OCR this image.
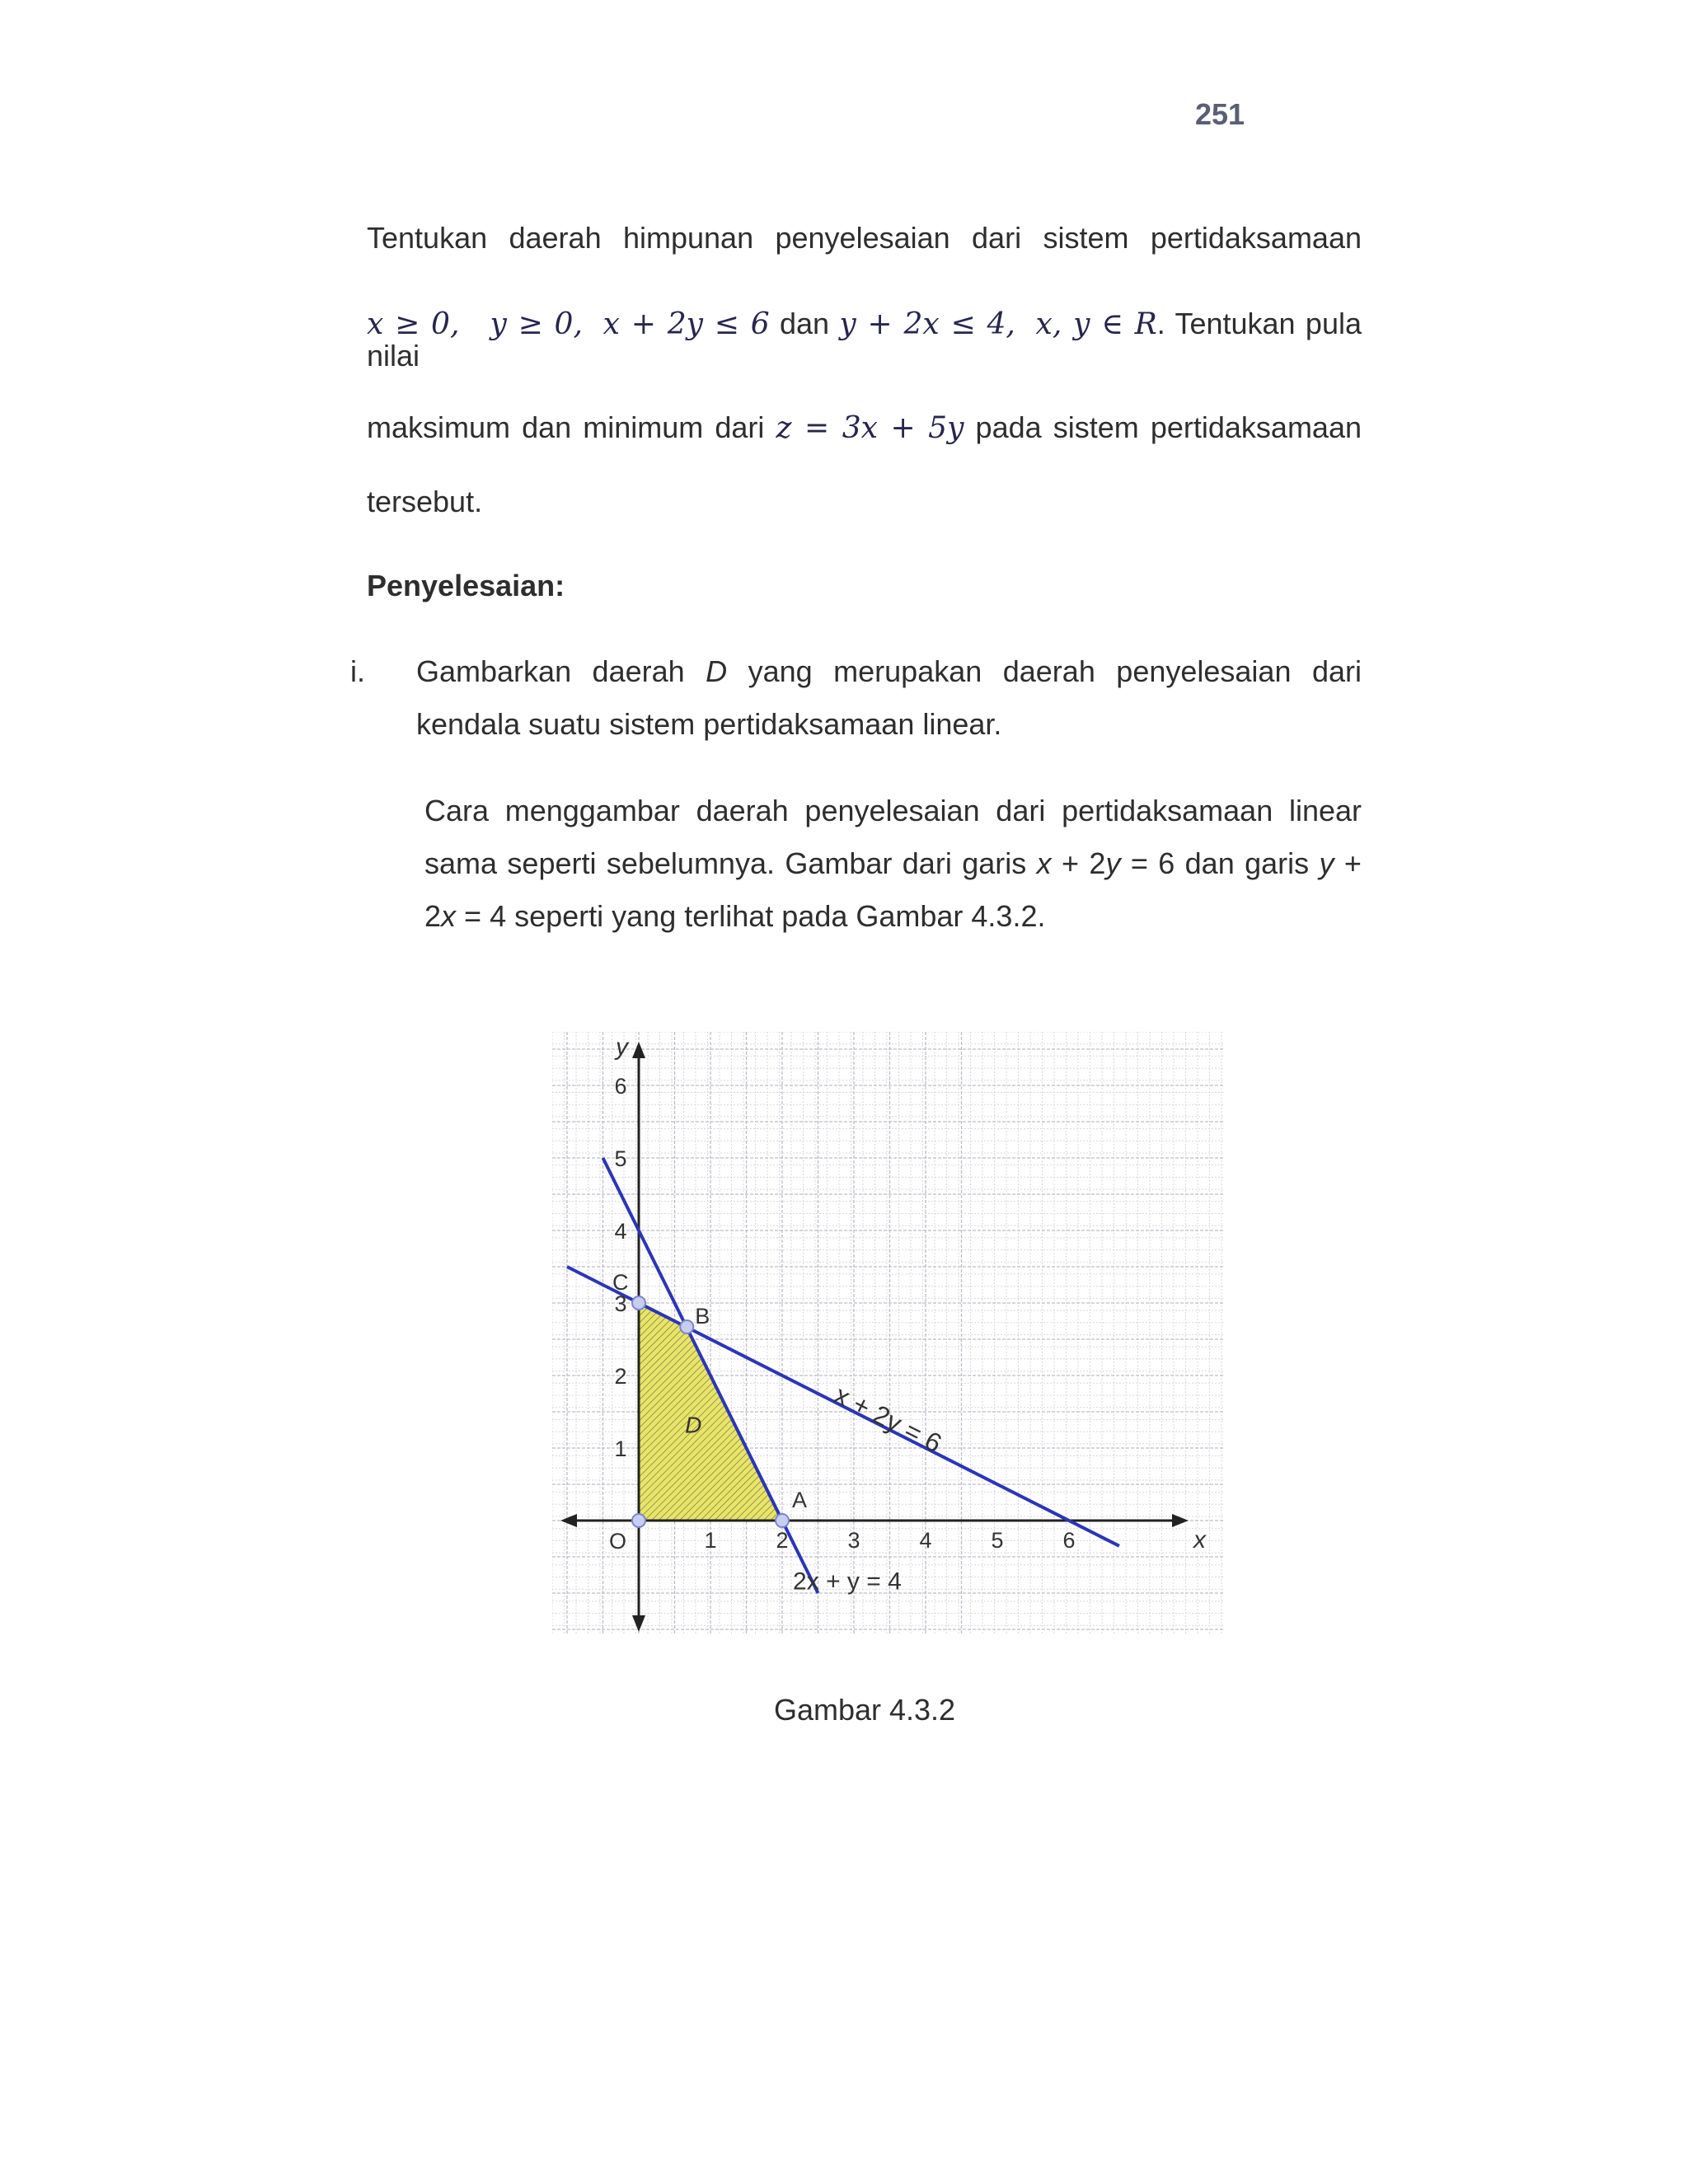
251
Tentukan daerah himpunan penyelesaian dari sistem pertidaksamaan
x ≥ 0, y ≥ 0, x + 2y ≤ 6 dan y + 2x ≤ 4, x, y ∈ R. Tentukan pula nilai
maksimum dan minimum dari z = 3x + 5y pada sistem pertidaksamaan
tersebut.
Penyelesaian:
i. Gambarkan daerah D yang merupakan daerah penyelesaian dari kendala suatu sistem pertidaksamaan linear.
Cara menggambar daerah penyelesaian dari pertidaksamaan linear sama seperti sebelumnya. Gambar dari garis x + 2y = 6 dan garis y + 2x = 4 seperti yang terlihat pada Gambar 4.3.2.
D
1	2	3	4	5	6
1
2
3
4
5
6
x
y
x + 2y = 6
2x + y = 4
O
A
B
C
Gambar 4.3.2
